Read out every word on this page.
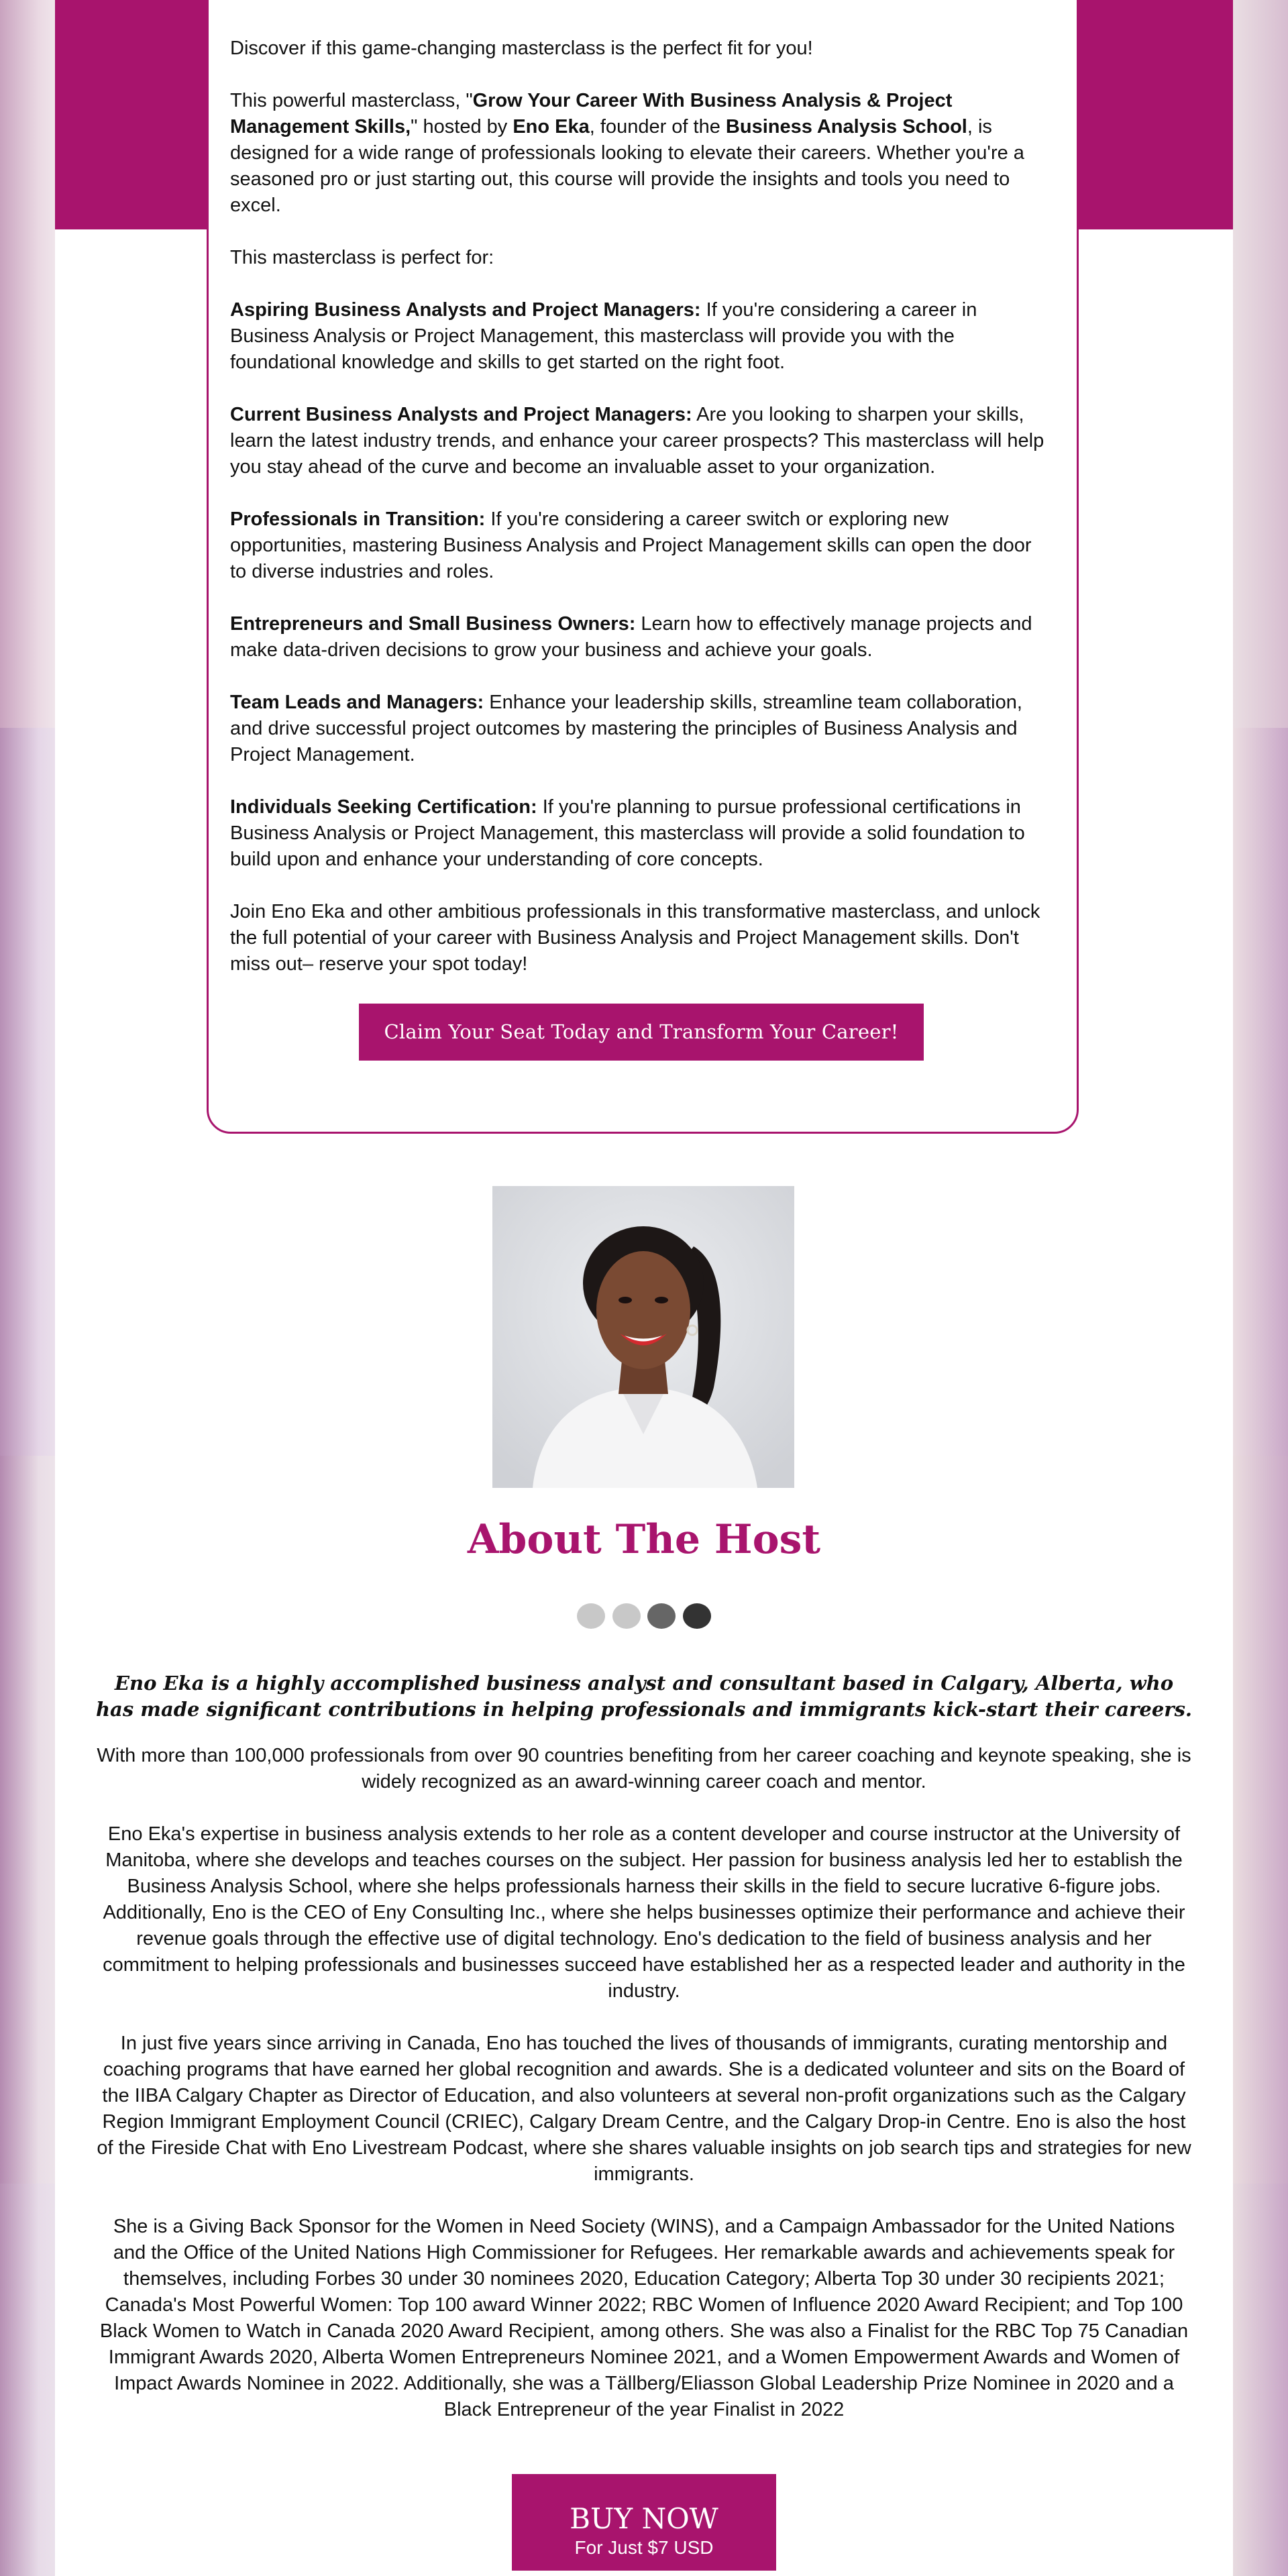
Discover if this game-changing masterclass is the perfect fit for you!

This powerful masterclass, "Grow Your Career With Business Analysis & Project Management Skills," hosted by Eno Eka, founder of the Business Analysis School, is designed for a wide range of professionals looking to elevate their careers. Whether you're a seasoned pro or just starting out, this course will provide the insights and tools you need to excel.

This masterclass is perfect for:

Aspiring Business Analysts and Project Managers: If you're considering a career in Business Analysis or Project Management, this masterclass will provide you with the foundational knowledge and skills to get started on the right foot.

Current Business Analysts and Project Managers: Are you looking to sharpen your skills, learn the latest industry trends, and enhance your career prospects? This masterclass will help you stay ahead of the curve and become an invaluable asset to your organization.

Professionals in Transition: If you're considering a career switch or exploring new opportunities, mastering Business Analysis and Project Management skills can open the door to diverse industries and roles.

Entrepreneurs and Small Business Owners: Learn how to effectively manage projects and make data-driven decisions to grow your business and achieve your goals.

Team Leads and Managers: Enhance your leadership skills, streamline team collaboration, and drive successful project outcomes by mastering the principles of Business Analysis and Project Management.

Individuals Seeking Certification: If you're planning to pursue professional certifications in Business Analysis or Project Management, this masterclass will provide a solid foundation to build upon and enhance your understanding of core concepts.

Join Eno Eka and other ambitious professionals in this transformative masterclass, and unlock the full potential of your career with Business Analysis and Project Management skills. Don't miss out– reserve your spot today!

Claim Your Seat Today and Transform Your Career!
About The Host

Eno Eka is a highly accomplished business analyst and consultant based in Calgary, Alberta, who has made significant contributions in helping professionals and immigrants kick-start their careers.

With more than 100,000 professionals from over 90 countries benefiting from her career coaching and keynote speaking, she is widely recognized as an award-winning career coach and mentor.

Eno Eka's expertise in business analysis extends to her role as a content developer and course instructor at the University of Manitoba, where she develops and teaches courses on the subject. Her passion for business analysis led her to establish the Business Analysis School, where she helps professionals harness their skills in the field to secure lucrative 6-figure jobs. Additionally, Eno is the CEO of Eny Consulting Inc., where she helps businesses optimize their performance and achieve their revenue goals through the effective use of digital technology. Eno's dedication to the field of business analysis and her commitment to helping professionals and businesses succeed have established her as a respected leader and authority in the industry.

In just five years since arriving in Canada, Eno has touched the lives of thousands of immigrants, curating mentorship and coaching programs that have earned her global recognition and awards. She is a dedicated volunteer and sits on the Board of the IIBA Calgary Chapter as Director of Education, and also volunteers at several non-profit organizations such as the Calgary Region Immigrant Employment Council (CRIEC), Calgary Dream Centre, and the Calgary Drop-in Centre. Eno is also the host of the Fireside Chat with Eno Livestream Podcast, where she shares valuable insights on job search tips and strategies for new immigrants.

She is a Giving Back Sponsor for the Women in Need Society (WINS), and a Campaign Ambassador for the United Nations and the Office of the United Nations High Commissioner for Refugees. Her remarkable awards and achievements speak for themselves, including Forbes 30 under 30 nominees 2020, Education Category; Alberta Top 30 under 30 recipients 2021; Canada's Most Powerful Women: Top 100 award Winner 2022; RBC Women of Influence 2020 Award Recipient; and Top 100 Black Women to Watch in Canada 2020 Award Recipient, among others. She was also a Finalist for the RBC Top 75 Canadian Immigrant Awards 2020, Alberta Women Entrepreneurs Nominee 2021, and a Women Empowerment Awards and Women of Impact Awards Nominee in 2022. Additionally, she was a Tällberg/Eliasson Global Leadership Prize Nominee in 2020 and a Black Entrepreneur of the year Finalist in 2022

BUY NOW
For Just $7 USD
